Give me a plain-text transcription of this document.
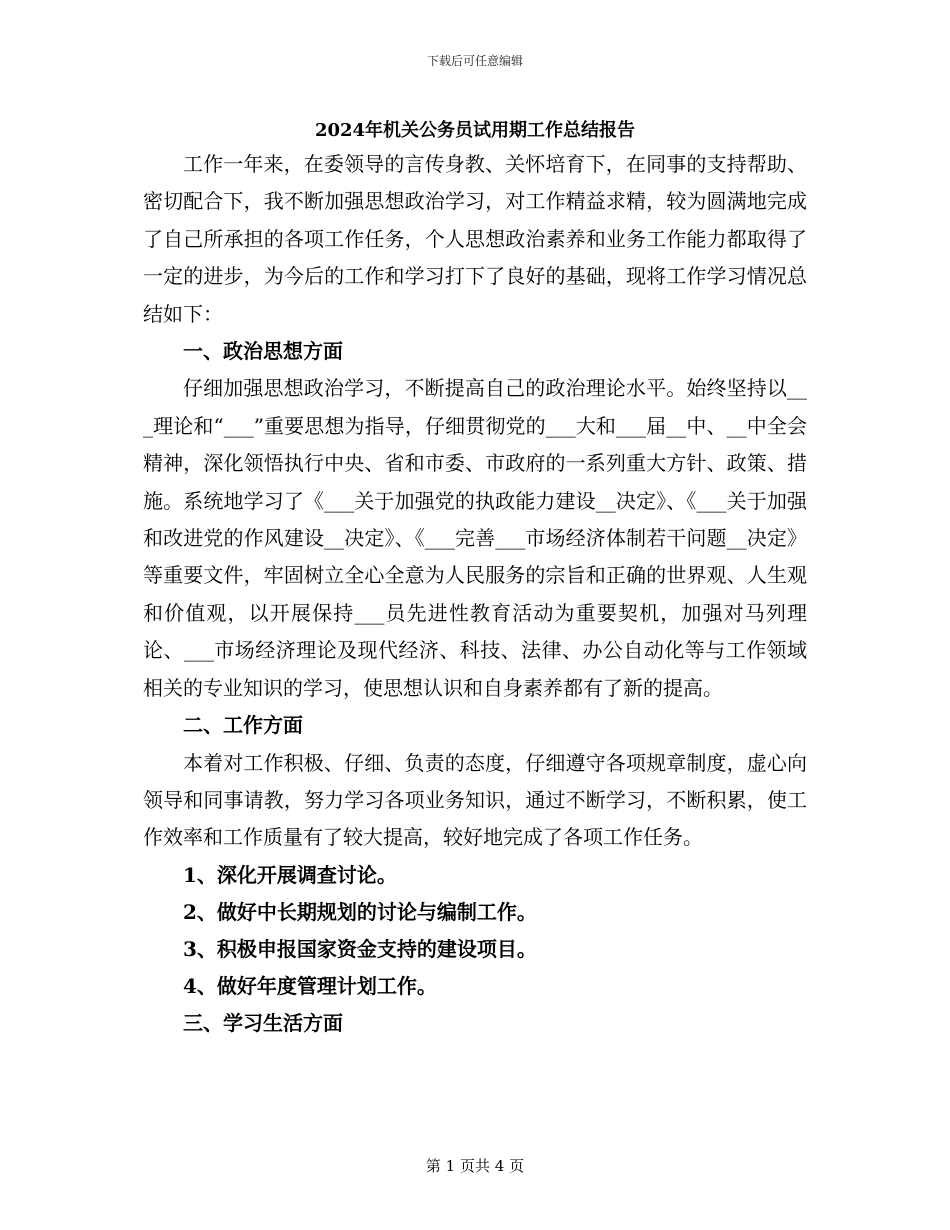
下载后可任意编辑
2024年机关公务员试用期工作总结报告

工作一年来，在委领导的言传身教、关怀培育下，在同事的支持帮助、密切配合下，我不断加强思想政治学习，对工作精益求精，较为圆满地完成了自己所承担的各项工作任务，个人思想政治素养和业务工作能力都取得了一定的进步，为今后的工作和学习打下了良好的基础，现将工作学习情况总结如下：

一、政治思想方面

仔细加强思想政治学习，不断提高自己的政治理论水平。始终坚持以___理论和“___”重要思想为指导，仔细贯彻党的___大和___届__中、__中全会精神，深化领悟执行中央、省和市委、市政府的一系列重大方针、政策、措施。系统地学习了《___关于加强党的执政能力建设__决定》、《___关于加强和改进党的作风建设__决定》、《___完善___市场经济体制若干问题__决定》等重要文件，牢固树立全心全意为人民服务的宗旨和正确的世界观、人生观和价值观，以开展保持___员先进性教育活动为重要契机，加强对马列理论、___市场经济理论及现代经济、科技、法律、办公自动化等与工作领域相关的专业知识的学习，使思想认识和自身素养都有了新的提高。

二、工作方面

本着对工作积极、仔细、负责的态度，仔细遵守各项规章制度，虚心向领导和同事请教，努力学习各项业务知识，通过不断学习，不断积累，使工作效率和工作质量有了较大提高，较好地完成了各项工作任务。

1、深化开展调查讨论。

2、做好中长期规划的讨论与编制工作。

3、积极申报国家资金支持的建设项目。

4、做好年度管理计划工作。

三、学习生活方面

第 1 页共 4 页
